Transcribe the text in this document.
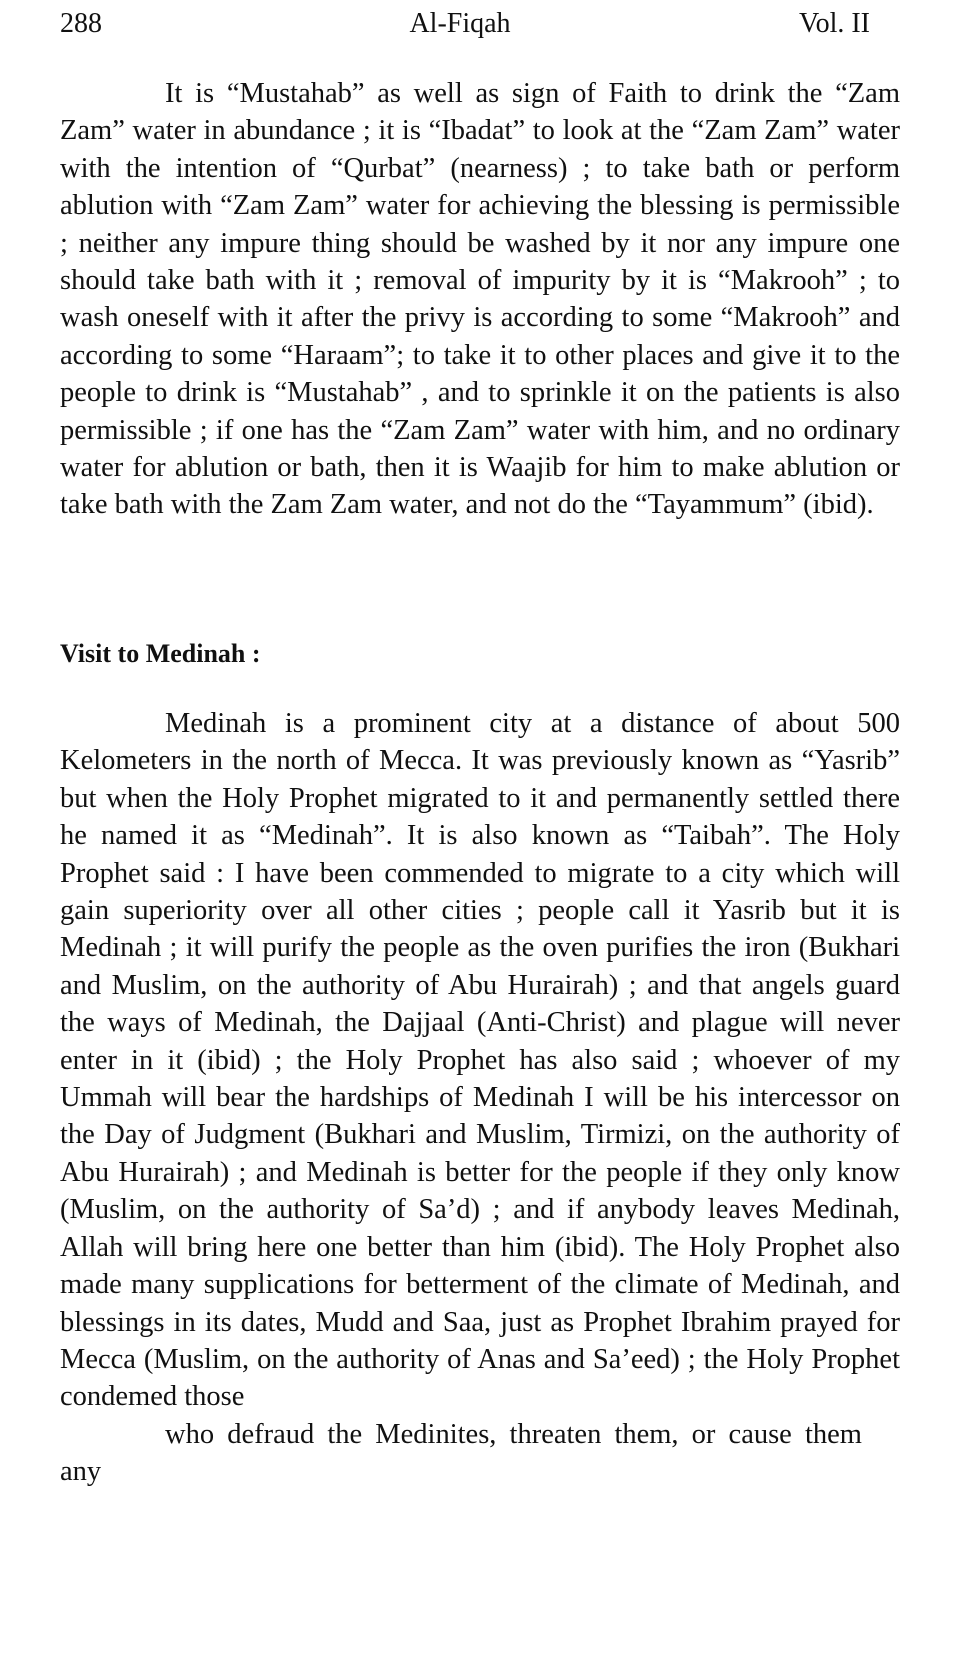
288	Al-Fiqah	Vol. II

It is “Mustahab” as well as sign of Faith to drink the “Zam Zam” water in abundance ; it is “Ibadat” to look at the “Zam Zam” water with the intention of “Qurbat” (nearness) ; to take bath or perform ablution with “Zam Zam” water for achieving the blessing is permissible ; neither any impure thing should be washed by it nor any impure one should take bath with it ; removal of impurity by it is “Makrooh” ; to wash oneself with it after the privy is according to some “Makrooh” and according to some “Haraam”; to take it to other places and give it to the people to drink is “Mustahab” , and to sprinkle it on the patients is also permissible ; if one has the “Zam Zam” water with him, and no ordinary water for ablution or bath, then it is Waajib for him to make ablution or take bath with the Zam Zam water, and not do the “Tayammum” (ibid).

Visit to Medinah :
Medinah is a prominent city at a distance of about 500 Kelometers in the north of Mecca. It was previously known as “Yasrib” but when the Holy Prophet migrated to it and permanently settled there he named it as “Medinah”. It is also known as “Taibah”. The Holy Prophet said : I have been commended to migrate to a city which will gain superiority over all other cities ; people call it Yasrib but it is Medinah ; it will purify the people as the oven purifies the iron (Bukhari and Muslim, on the authority of Abu Hurairah) ; and that angels guard the ways of Medinah, the Dajjaal (Anti-Christ) and plague will never enter in it (ibid) ; the Holy Prophet has also said ; whoever of my Ummah will bear the hardships of Medinah I will be his intercessor on the Day of Judgment (Bukhari and Muslim, Tirmizi, on the authority of Abu Hurairah) ; and Medinah is better for the people if they only know (Muslim, on the authority of Sa’d) ; and if anybody leaves Medinah, Allah will bring here one better than him (ibid). The Holy Prophet also made many supplications for betterment of the climate of Medinah, and blessings in its dates, Mudd and Saa, just as Prophet Ibrahim prayed for Mecca (Muslim, on the authority of Anas and Sa’eed) ; the Holy Prophet condemed those
who defraud the Medinites, threaten them, or cause them any
